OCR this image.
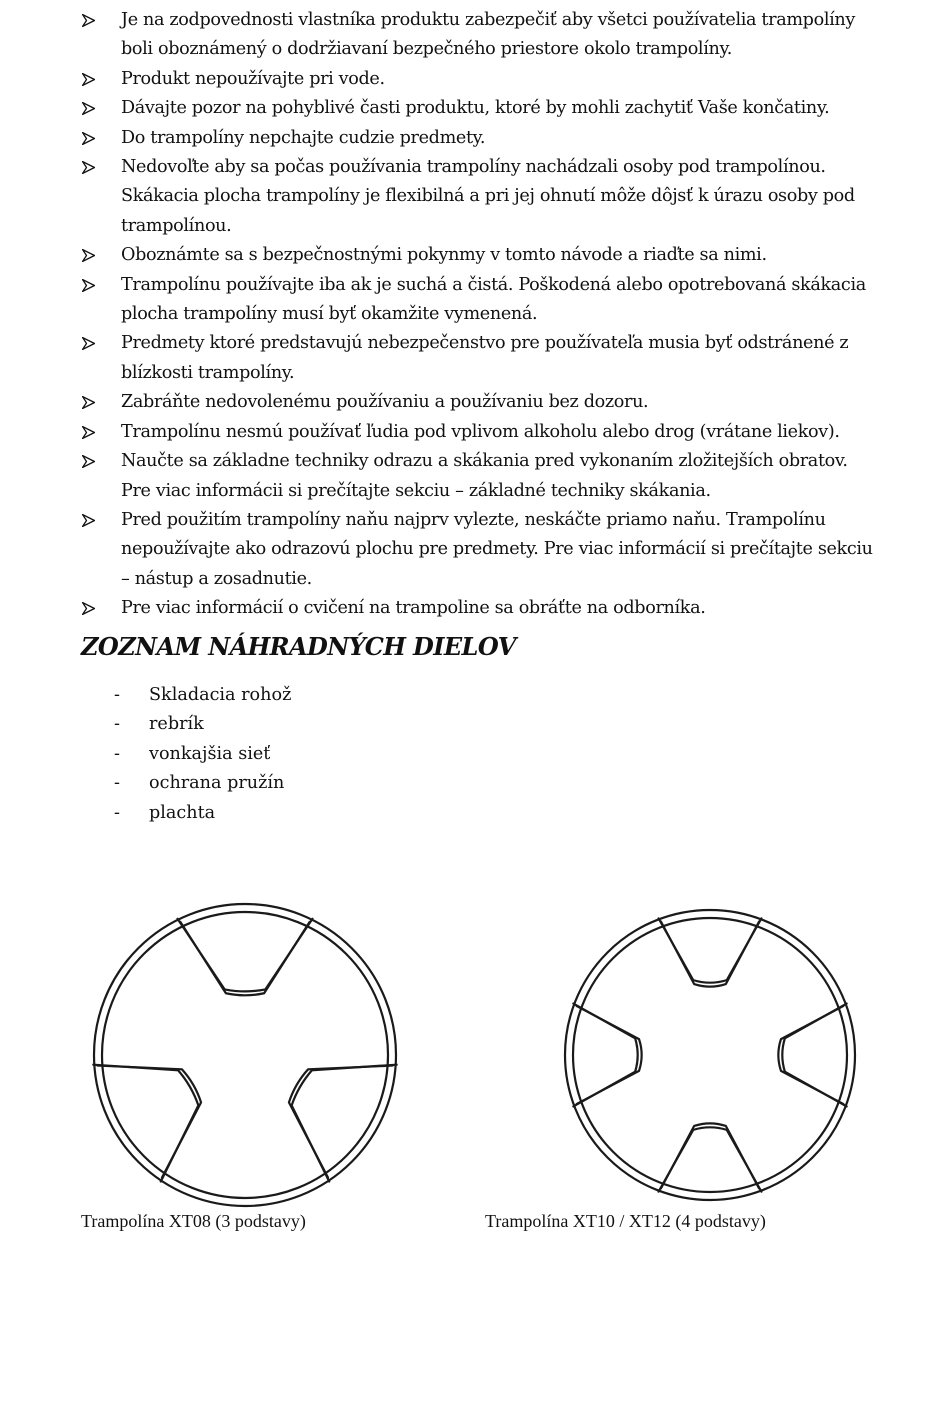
Je na zodpovednosti vlastníka produktu zabezpečiť aby všetci používatelia trampolíny boli oboznámený o dodržiavaní bezpečného priestore okolo trampolíny.
Produkt nepoužívajte pri vode.
Dávajte pozor na pohyblivé časti produktu, ktoré by mohli zachytiť Vaše končatiny.
Do trampolíny nepchajte cudzie predmety.
Nedovoľte aby sa počas používania trampolíny nachádzali osoby pod trampolínou. Skákacia plocha trampolíny je flexibilná a pri jej ohnutí môže dôjsť k úrazu osoby pod trampolínou.
Oboznámte sa s bezpečnostnými pokynmy v tomto návode a riaďte sa nimi.
Trampolínu používajte iba ak je suchá a čistá. Poškodená alebo opotrebovaná skákacia plocha trampolíny musí byť okamžite vymenená.
Predmety ktoré predstavujú nebezpečenstvo pre používateľa musia byť odstránené z blízkosti trampolíny.
Zabráňte nedovolenému používaniu a používaniu bez dozoru.
Trampolínu nesmú používať ľudia pod vplivom alkoholu alebo drog (vrátane liekov).
Naučte sa základne techniky odrazu a skákania pred vykonaním zložitejších obratov. Pre viac informácii si prečítajte sekciu – základné techniky skákania.
Pred použitím trampolíny naňu najprv vylezte, neskáčte priamo naňu. Trampolínu nepoužívajte ako odrazovú plochu pre predmety. Pre viac informácií si prečítajte sekciu – nástup a zosadnutie.
Pre viac informácií o cvičení na trampoline sa obráťte na odborníka.
ZOZNAM NÁHRADNÝCH DIELOV
- Skladacia rohož
- rebrík
- vonkajšia sieť
- ochrana pružín
- plachta
Trampolína XT08 (3 podstavy)	Trampolína XT10 / XT12 (4 podstavy)
